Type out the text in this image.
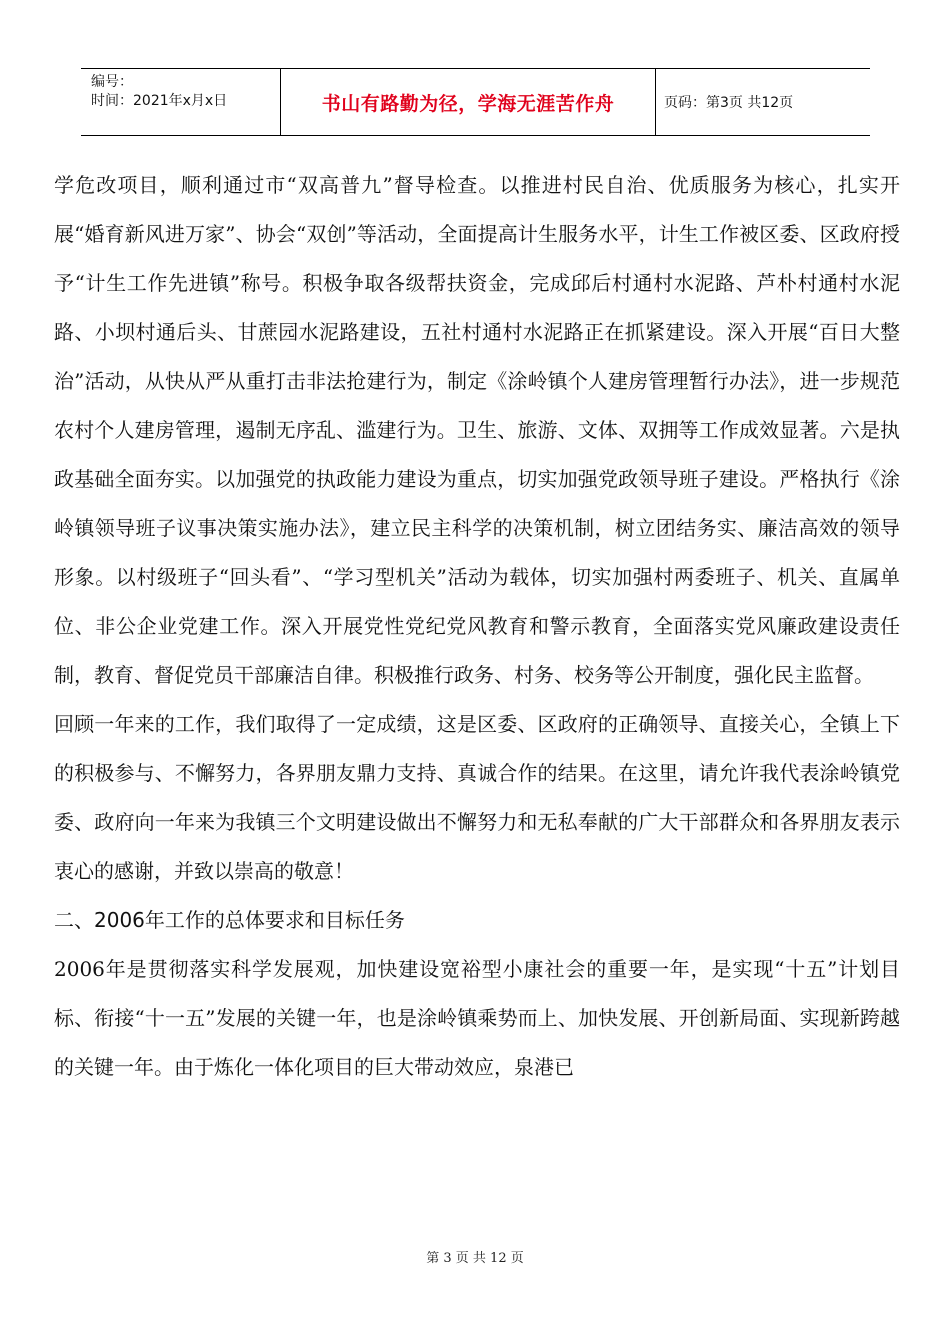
编号：
时间：2021年x月x日	书山有路勤为径，学海无涯苦作舟	页码：第3页 共12页

学危改项目，顺利通过市“双高普九”督导检查。以推进村民自治、优质服务为核心，扎实开展“婚育新风进万家”、协会“双创”等活动，全面提高计生服务水平，计生工作被区委、区政府授予“计生工作先进镇”称号。积极争取各级帮扶资金，完成邱后村通村水泥路、芦朴村通村水泥路、小坝村通后头、甘蔗园水泥路建设，五社村通村水泥路正在抓紧建设。深入开展“百日大整治”活动，从快从严从重打击非法抢建行为，制定《涂岭镇个人建房管理暂行办法》，进一步规范农村个人建房管理，遏制无序乱、滥建行为。卫生、旅游、文体、双拥等工作成效显著。六是执政基础全面夯实。以加强党的执政能力建设为重点，切实加强党政领导班子建设。严格执行《涂岭镇领导班子议事决策实施办法》，建立民主科学的决策机制，树立团结务实、廉洁高效的领导形象。以村级班子“回头看”、“学习型机关”活动为载体，切实加强村两委班子、机关、直属单位、非公企业党建工作。深入开展党性党纪党风教育和警示教育，全面落实党风廉政建设责任制，教育、督促党员干部廉洁自律。积极推行政务、村务、校务等公开制度，强化民主监督。

回顾一年来的工作，我们取得了一定成绩，这是区委、区政府的正确领导、直接关心，全镇上下的积极参与、不懈努力，各界朋友鼎力支持、真诚合作的结果。在这里，请允许我代表涂岭镇党委、政府向一年来为我镇三个文明建设做出不懈努力和无私奉献的广大干部群众和各界朋友表示衷心的感谢，并致以崇高的敬意！

二、2006年工作的总体要求和目标任务

2006年是贯彻落实科学发展观，加快建设宽裕型小康社会的重要一年，是实现“十五”计划目标、衔接“十一五”发展的关键一年，也是涂岭镇乘势而上、加快发展、开创新局面、实现新跨越的关键一年。由于炼化一体化项目的巨大带动效应，泉港已

第 3 页 共 12 页
